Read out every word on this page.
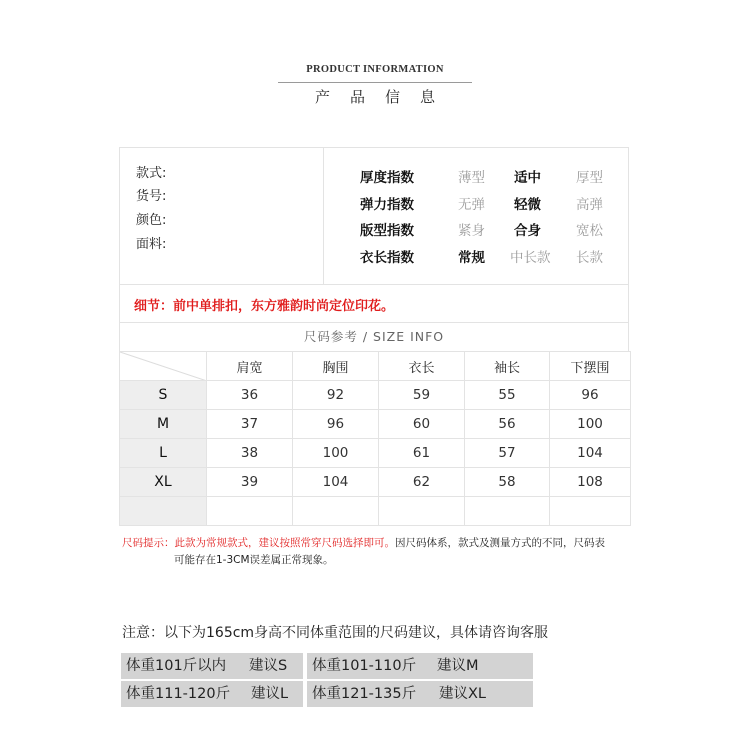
PRODUCT INFORMATION
产品信息
款式:
货号:
颜色:
面料:
厚度指数	薄型 适中	厚型
弹力指数	无弹 轻微	高弹
版型指数	紧身 合身	宽松
衣长指数	常规 中长款 长款
细节：前中单排扣，东方雅韵时尚定位印花。
尺码参考 / SIZE INFO
	肩宽	胸围	衣长	袖长	下摆围
S	36	92	59	55	96
M	37	96	60	56	100
L	38	100	61	57	104
XL	39	104	62	58	108

尺码提示：此款为常规款式，建议按照常穿尺码选择即可。因尺码体系，款式及测量方式的不同，尺码表
可能存在1-3CM误差属正常现象。
注意：以下为165cm身高不同体重范围的尺码建议，具体请咨询客服
体重101斤以内 建议S 体重101-110斤 建议M
体重111-120斤 建议L 体重121-135斤 建议XL
